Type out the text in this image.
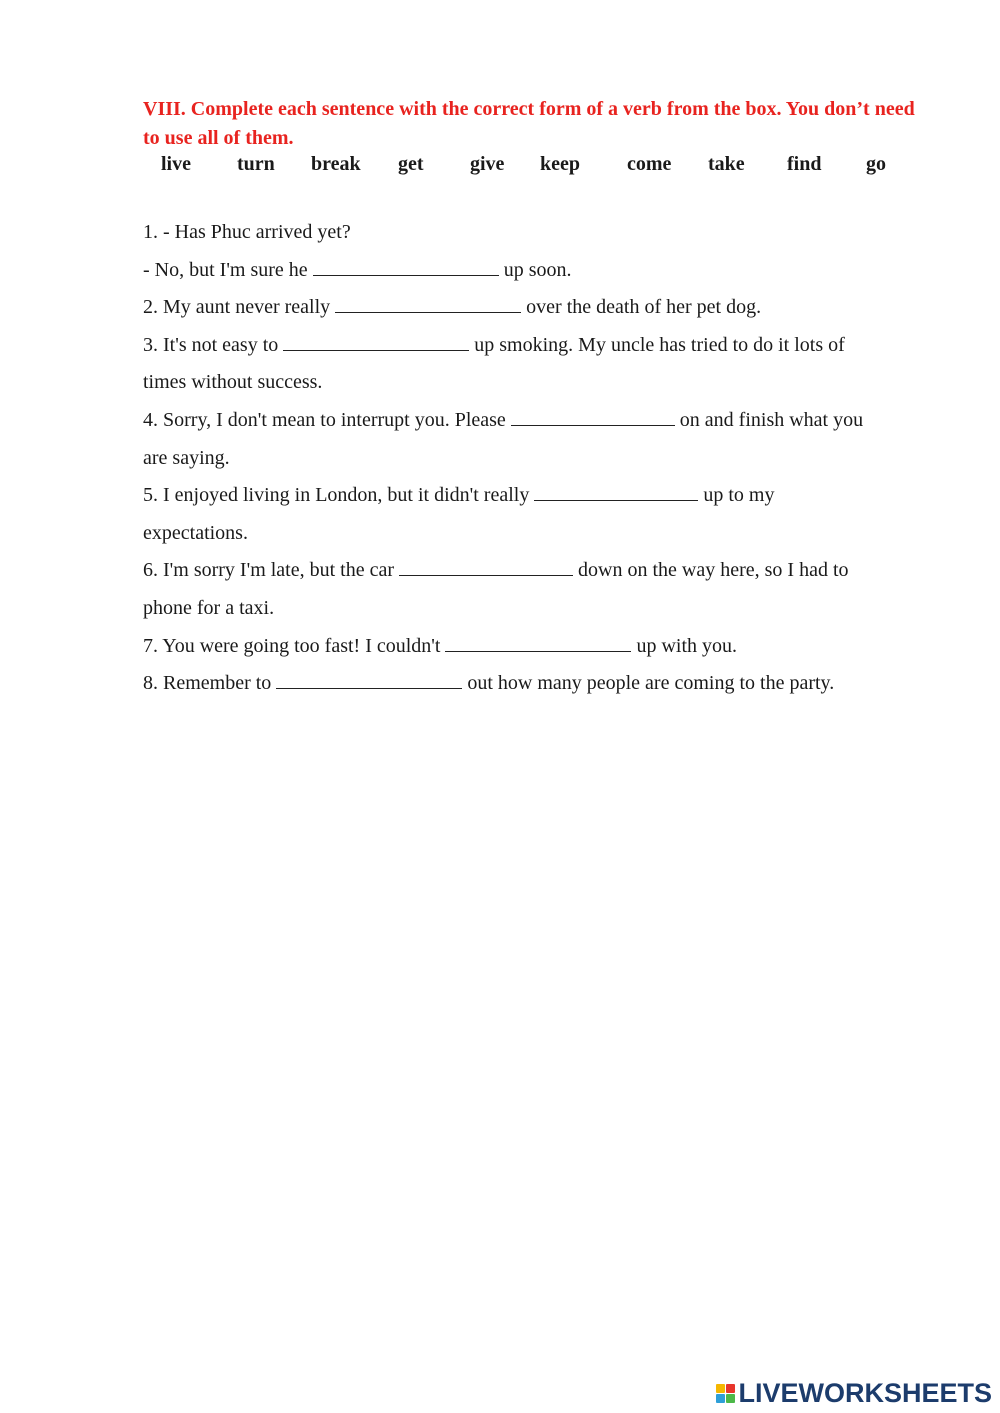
VIII. Complete each sentence with the correct form of a verb from the box. You don’t need to use all of them.
live turn break get give keep come take find go
1. - Has Phuc arrived yet?
- No, but I'm sure he	up soon.
2. My aunt never really	over the death of her pet dog.
3. It's not easy to	up smoking. My uncle has tried to do it lots of
times without success.
4. Sorry, I don't mean to interrupt you. Please	on and finish what you
are saying.
5. I enjoyed living in London, but it didn't really	up to my
expectations.
6. I'm sorry I'm late, but the car	down on the way here, so I had to
phone for a taxi.
7. You were going too fast! I couldn't	up with you.
8. Remember to	out how many people are coming to the party.
LIVEWORKSHEETS
